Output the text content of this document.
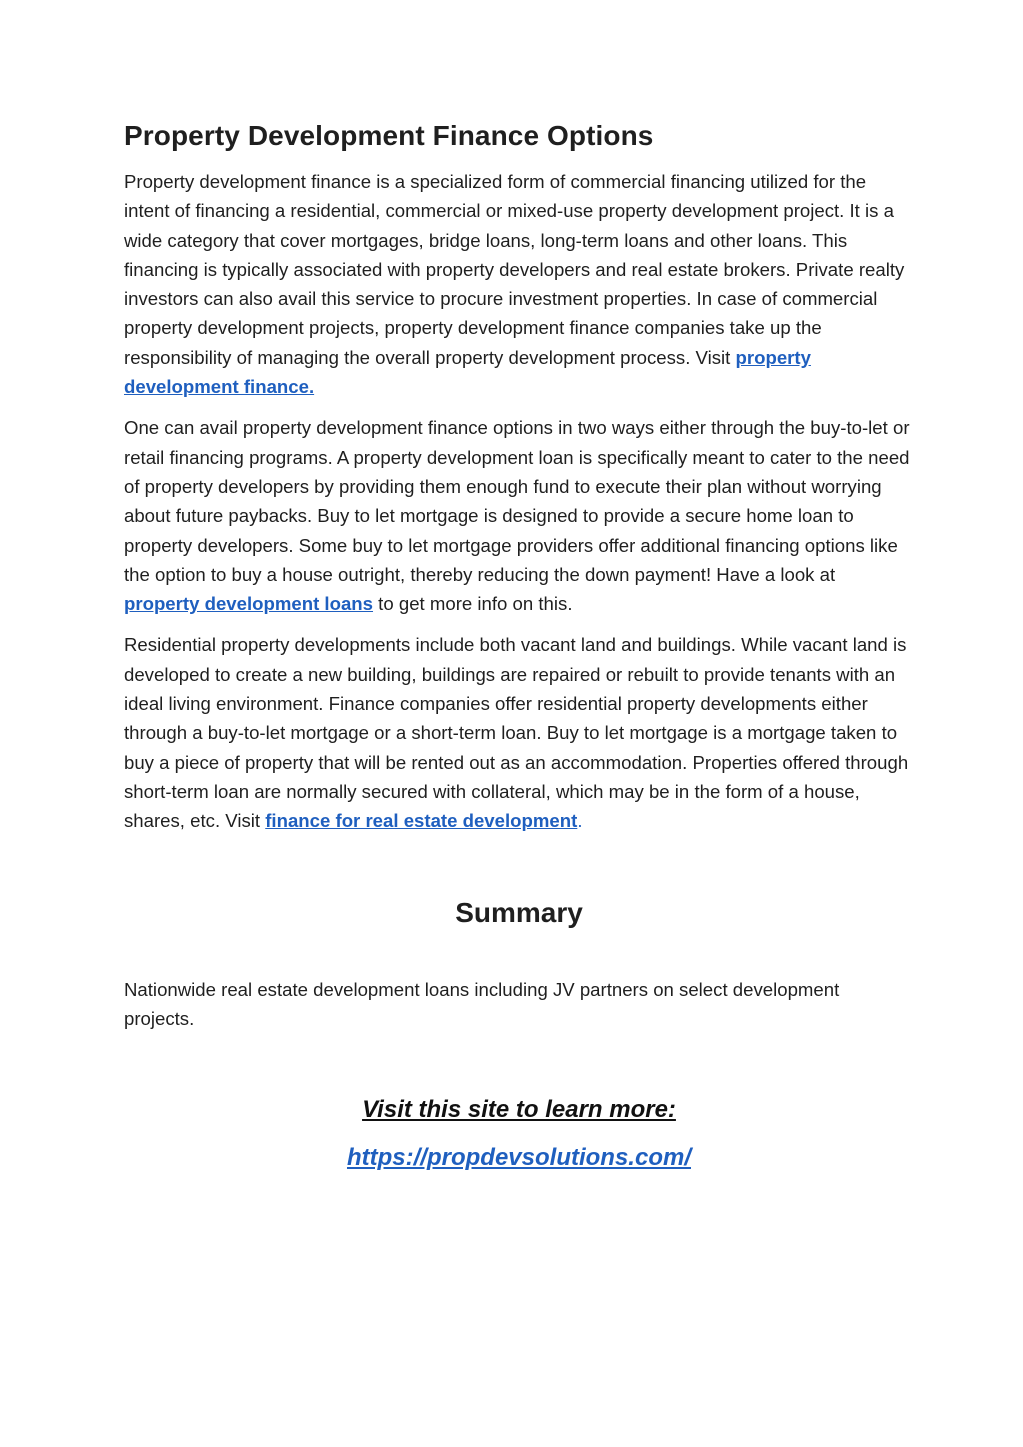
Property Development Finance Options

Property development finance is a specialized form of commercial financing utilized for the intent of financing a residential, commercial or mixed-use property development project. It is a wide category that cover mortgages, bridge loans, long-term loans and other loans. This financing is typically associated with property developers and real estate brokers. Private realty investors can also avail this service to procure investment properties. In case of commercial property development projects, property development finance companies take up the responsibility of managing the overall property development process. Visit property development finance.

One can avail property development finance options in two ways either through the buy-to-let or retail financing programs. A property development loan is specifically meant to cater to the need of property developers by providing them enough fund to execute their plan without worrying about future paybacks. Buy to let mortgage is designed to provide a secure home loan to property developers. Some buy to let mortgage providers offer additional financing options like the option to buy a house outright, thereby reducing the down payment! Have a look at property development loans to get more info on this.

Residential property developments include both vacant land and buildings. While vacant land is developed to create a new building, buildings are repaired or rebuilt to provide tenants with an ideal living environment. Finance companies offer residential property developments either through a buy-to-let mortgage or a short-term loan. Buy to let mortgage is a mortgage taken to buy a piece of property that will be rented out as an accommodation. Properties offered through short-term loan are normally secured with collateral, which may be in the form of a house, shares, etc. Visit finance for real estate development.

Summary

Nationwide real estate development loans including JV partners on select development projects.

Visit this site to learn more:
https://propdevsolutions.com/
